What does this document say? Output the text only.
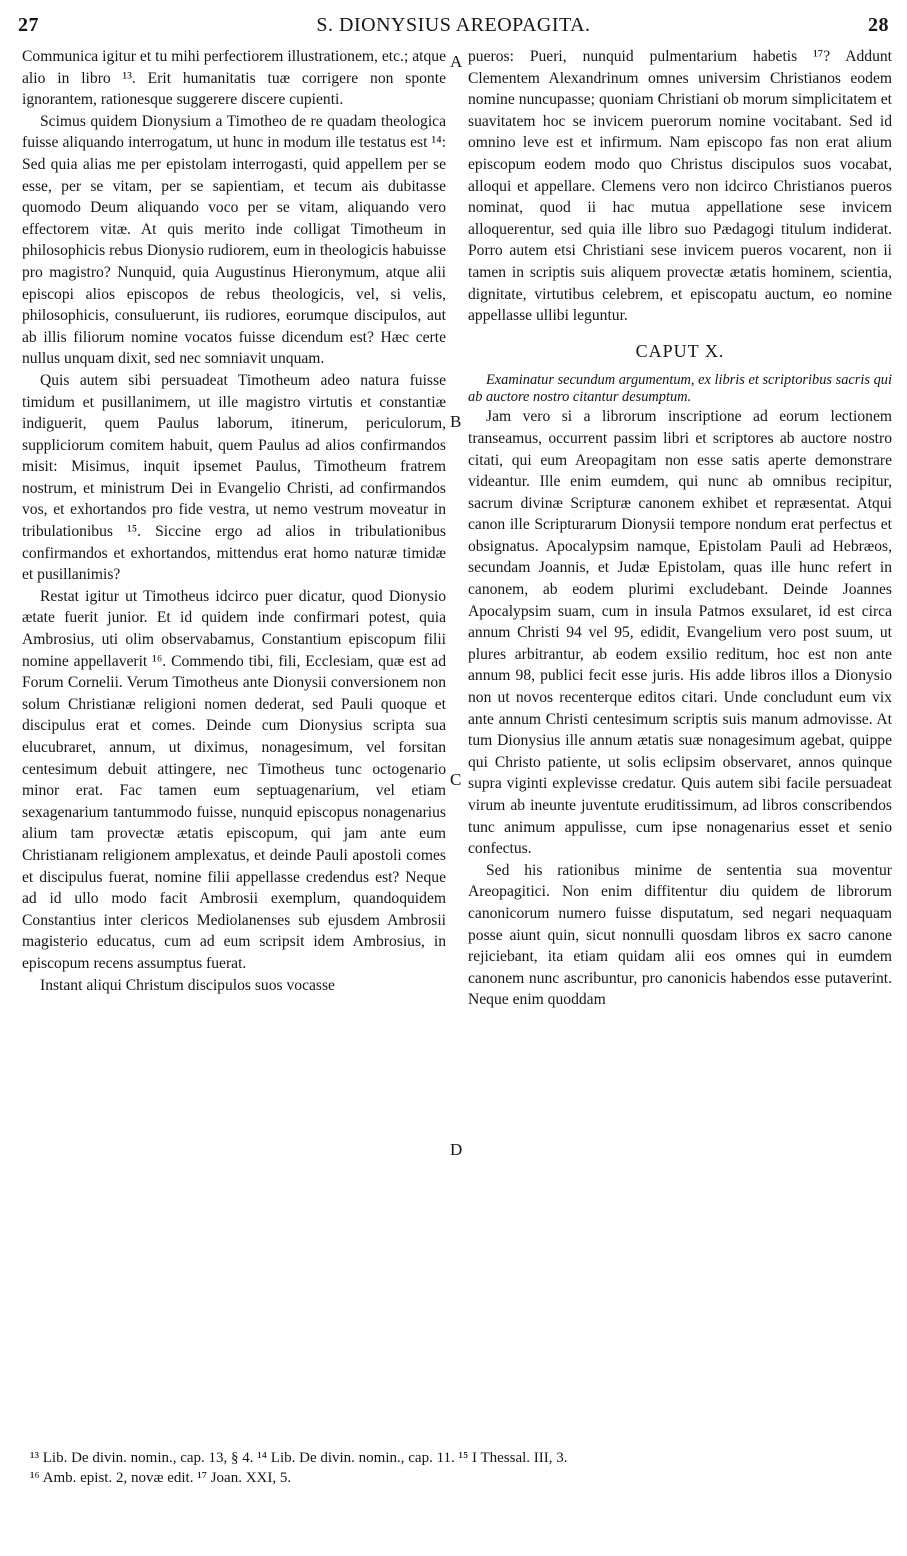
27	S. DIONYSIUS AREOPAGITA.	28

Communica igitur et tu mihi perfectiorem illustrationem, etc.; atque alio in libro ¹³. Erit humanitatis tuæ corrigere non sponte ignorantem, rationesque suggerere discere cupienti.

Scimus quidem Dionysium a Timotheo de re quadam theologica fuisse aliquando interrogatum, ut hunc in modum ille testatus est ¹⁴: Sed quia alias me per epistolam interrogasti, quid appellem per se esse, per se vitam, per se sapientiam, et tecum ais dubitasse quomodo Deum aliquando voco per se vitam, aliquando vero effectorem vitæ. At quis merito inde colligat Timotheum in philosophicis rebus Dionysio rudiorem, eum in theologicis habuisse pro magistro? Nunquid, quia Augustinus Hieronymum, atque alii episcopi alios episcopos de rebus theologicis, vel, si velis, philosophicis, consuluerunt, iis rudiores, eorumque discipulos, aut ab illis filiorum nomine vocatos fuisse dicendum est? Hæc certe nullus unquam dixit, sed nec somniavit unquam.

Quis autem sibi persuadeat Timotheum adeo natura fuisse timidum et pusillanimem, ut ille magistro virtutis et constantiæ indiguerit, quem Paulus laborum, itinerum, periculorum, suppliciorum comitem habuit, quem Paulus ad alios confirmandos misit: Misimus, inquit ipsemet Paulus, Timotheum fratrem nostrum, et ministrum Dei in Evangelio Christi, ad confirmandos vos, et exhortandos pro fide vestra, ut nemo vestrum moveatur in tribulationibus ¹⁵. Siccine ergo ad alios in tribulationibus confirmandos et exhortandos, mittendus erat homo naturæ timidæ et pusillanimis?

Restat igitur ut Timotheus idcirco puer dicatur, quod Dionysio ætate fuerit junior. Et id quidem inde confirmari potest, quia Ambrosius, uti olim observabamus, Constantium episcopum filii nomine appellaverit ¹⁶. Commendo tibi, fili, Ecclesiam, quæ est ad Forum Cornelii. Verum Timotheus ante Dionysii conversionem non solum Christianæ religioni nomen dederat, sed Pauli quoque et discipulus erat et comes. Deinde cum Dionysius scripta sua elucubraret, annum, ut diximus, nonagesimum, vel forsitan centesimum debuit attingere, nec Timotheus tunc octogenario minor erat. Fac tamen eum septuagenarium, vel etiam sexagenarium tantummodo fuisse, nunquid episcopus nonagenarius alium tam provectæ ætatis episcopum, qui jam ante eum Christianam religionem amplexatus, et deinde Pauli apostoli comes et discipulus fuerat, nomine filii appellasse credendus est? Neque ad id ullo modo facit Ambrosii exemplum, quandoquidem Constantius inter clericos Mediolanenses sub ejusdem Ambrosii magisterio educatus, cum ad eum scripsit idem Ambrosius, in episcopum recens assumptus fuerat.

Instant aliqui Christum discipulos suos vocasse

A
B
C
D

pueros: Pueri, nunquid pulmentarium habetis ¹⁷? Addunt Clementem Alexandrinum omnes universim Christianos eodem nomine nuncupasse; quoniam Christiani ob morum simplicitatem et suavitatem hoc se invicem puerorum nomine vocitabant. Sed id omnino leve est et infirmum. Nam episcopo fas non erat alium episcopum eodem modo quo Christus discipulos suos vocabat, alloqui et appellare. Clemens vero non idcirco Christianos pueros nominat, quod ii hac mutua appellatione sese invicem alloquerentur, sed quia ille libro suo Pædagogi titulum indiderat. Porro autem etsi Christiani sese invicem pueros vocarent, non ii tamen in scriptis suis aliquem provectæ ætatis hominem, scientia, dignitate, virtutibus celebrem, et episcopatu auctum, eo nomine appellasse ullibi leguntur.

CAPUT X.

Examinatur secundum argumentum, ex libris et scriptoribus sacris qui ab auctore nostro citantur desumptum.

Jam vero si a librorum inscriptione ad eorum lectionem transeamus, occurrent passim libri et scriptores ab auctore nostro citati, qui eum Areopagitam non esse satis aperte demonstrare videantur. Ille enim eumdem, qui nunc ab omnibus recipitur, sacrum divinæ Scripturæ canonem exhibet et repræsentat. Atqui canon ille Scripturarum Dionysii tempore nondum erat perfectus et obsignatus. Apocalypsim namque, Epistolam Pauli ad Hebræos, secundam Joannis, et Judæ Epistolam, quas ille hunc refert in canonem, ab eodem plurimi excludebant. Deinde Joannes Apocalypsim suam, cum in insula Patmos exsularet, id est circa annum Christi 94 vel 95, edidit, Evangelium vero post suum, ut plures arbitrantur, ab eodem exsilio reditum, hoc est non ante annum 98, publici fecit esse juris. His adde libros illos a Dionysio non ut novos recenterque editos citari. Unde concludunt eum vix ante annum Christi centesimum scriptis suis manum admovisse. At tum Dionysius ille annum ætatis suæ nonagesimum agebat, quippe qui Christo patiente, ut solis eclipsim observaret, annos quinque supra viginti explevisse credatur. Quis autem sibi facile persuadeat virum ab ineunte juventute eruditissimum, ad libros conscribendos tunc animum appulisse, cum ipse nonagenarius esset et senio confectus.

Sed his rationibus minime de sententia sua moventur Areopagitici. Non enim diffitentur diu quidem de librorum canonicorum numero fuisse disputatum, sed negari nequaquam posse aiunt quin, sicut nonnulli quosdam libros ex sacro canone rejiciebant, ita etiam quidam alii eos omnes qui in eumdem canonem nunc ascribuntur, pro canonicis habendos esse putaverint. Neque enim quoddam

¹³ Lib. De divin. nomin., cap. 13, § 4. ¹⁴ Lib. De divin. nomin., cap. 11. ¹⁵ I Thessal. III, 3.
¹⁶ Amb. epist. 2, novæ edit. ¹⁷ Joan. XXI, 5.
